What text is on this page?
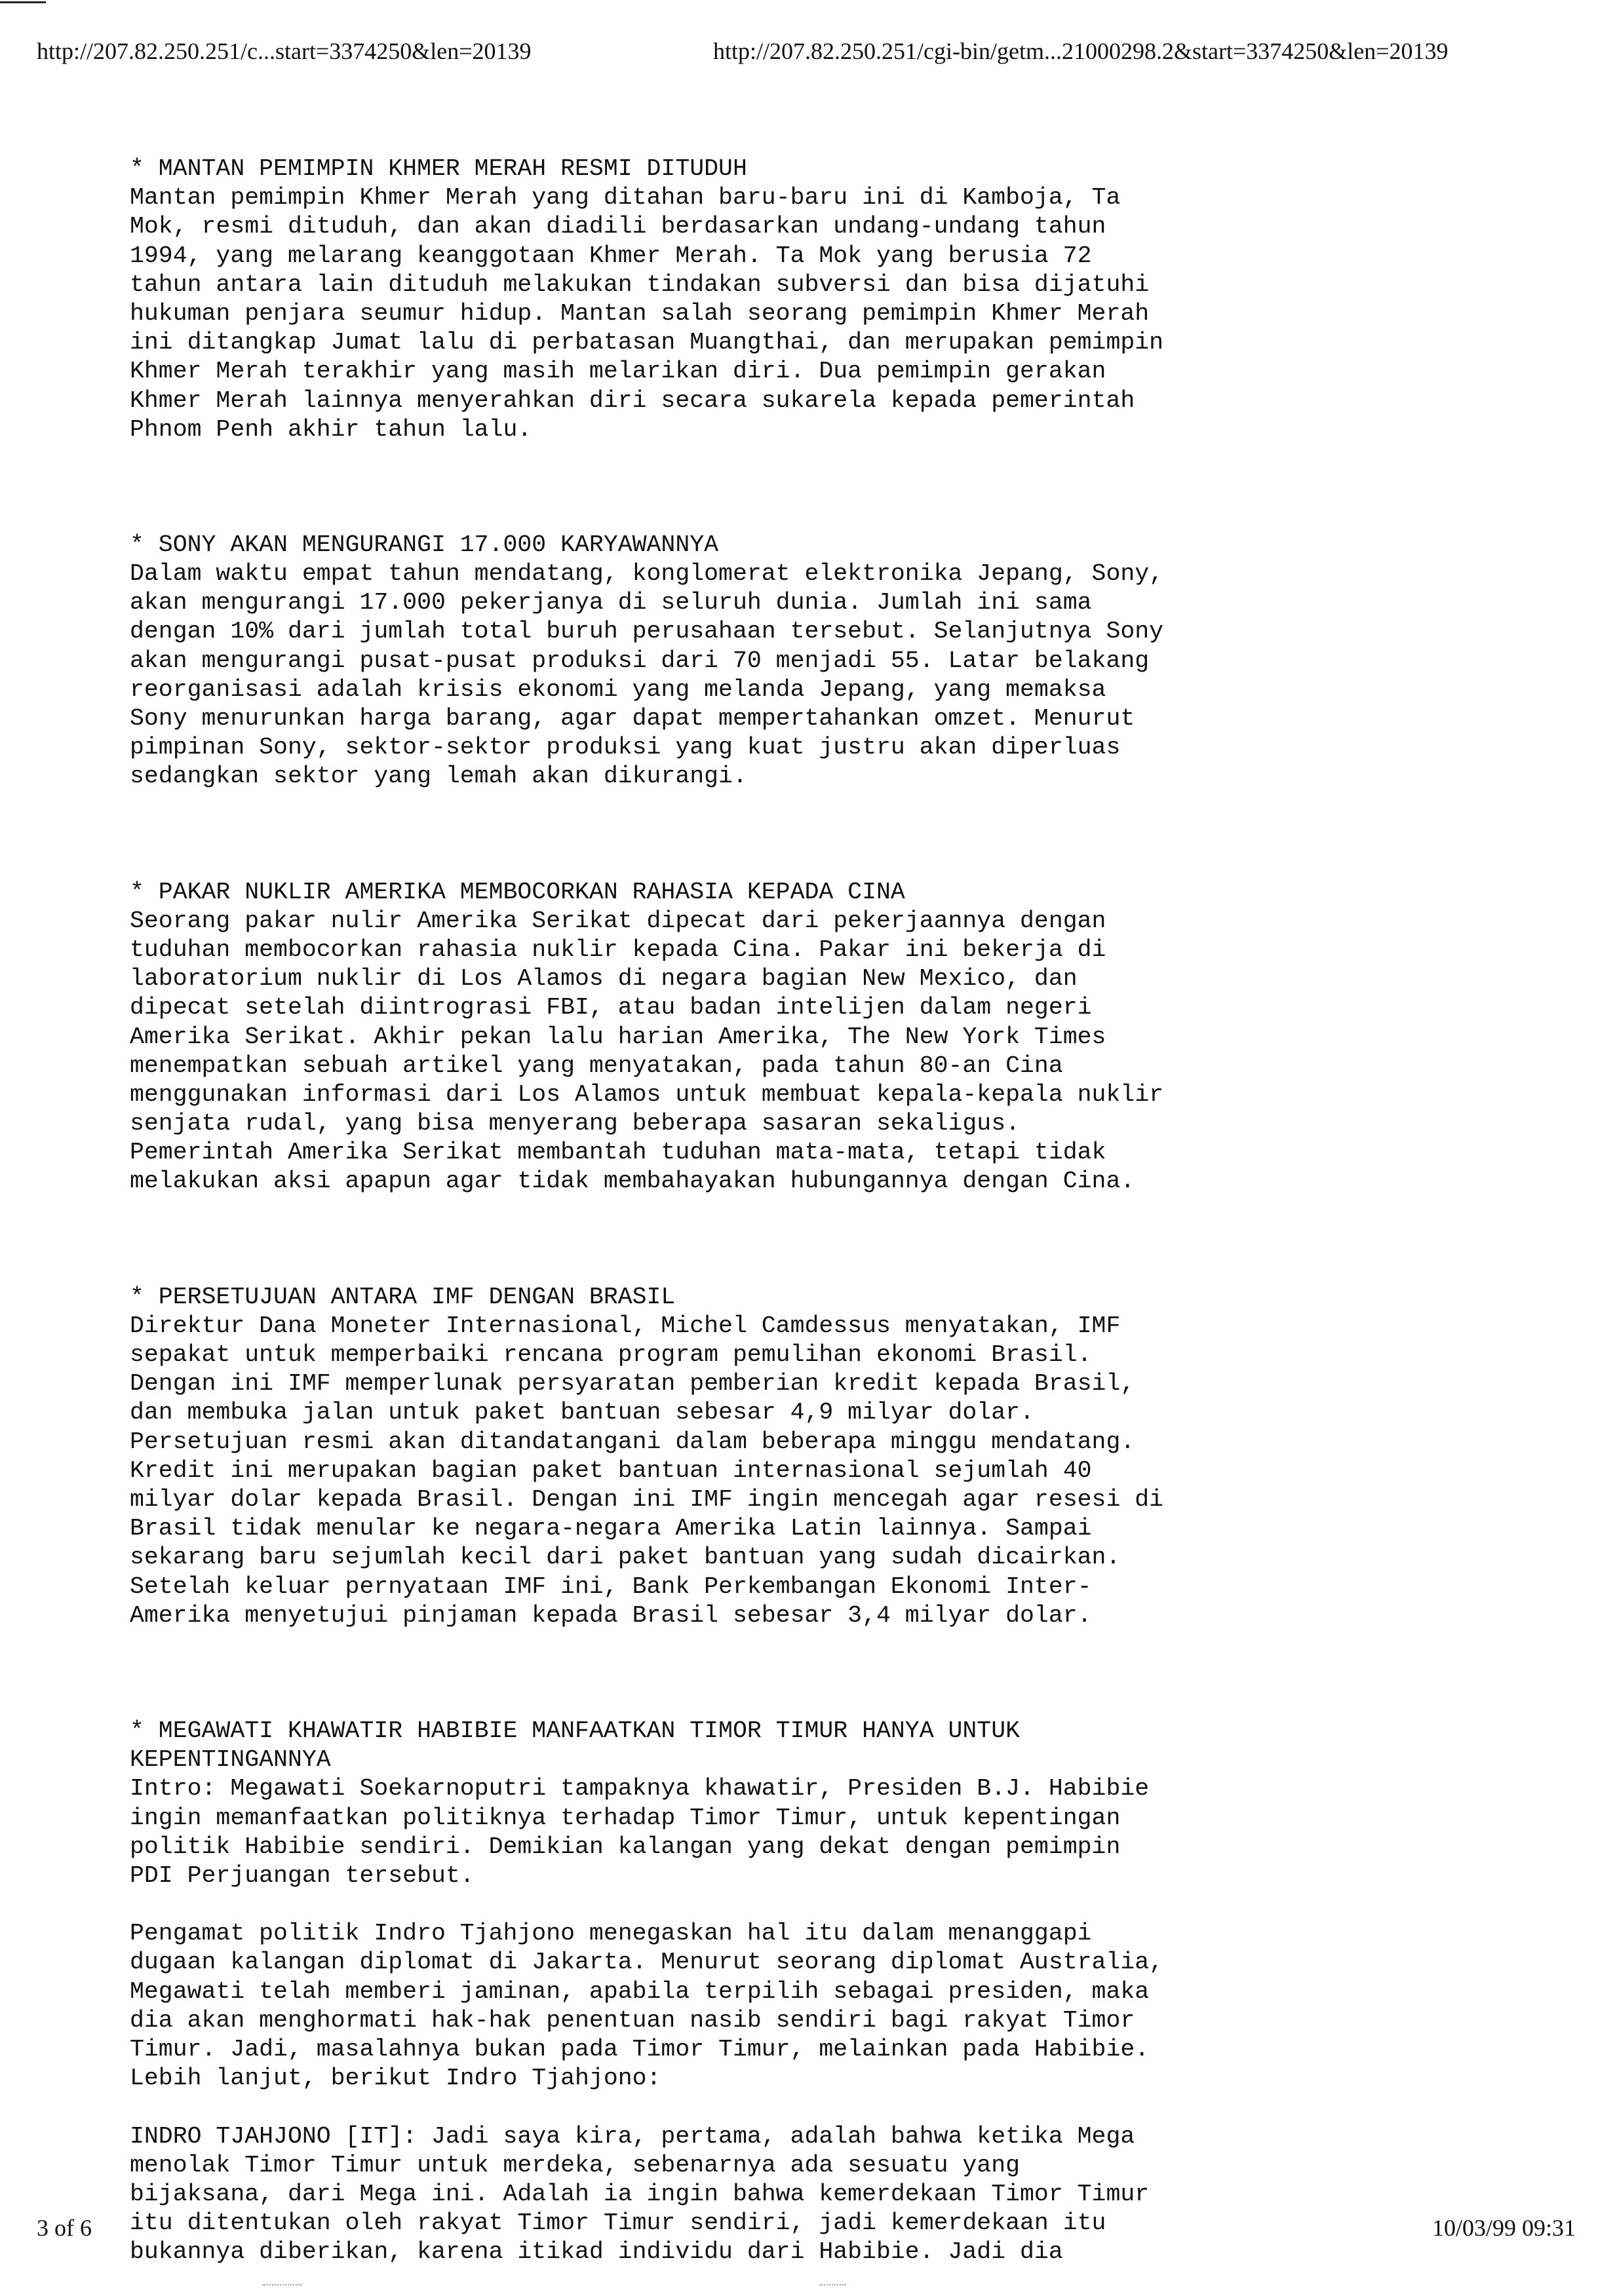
http://207.82.250.251/c...start=3374250&len=20139	http://207.82.250.251/cgi-bin/getm...21000298.2&start=3374250&len=20139
* MANTAN PEMIMPIN KHMER MERAH RESMI DITUDUH
Mantan pemimpin Khmer Merah yang ditahan baru-baru ini di Kamboja, Ta
Mok, resmi dituduh, dan akan diadili berdasarkan undang-undang tahun
1994, yang melarang keanggotaan Khmer Merah. Ta Mok yang berusia 72
tahun antara lain dituduh melakukan tindakan subversi dan bisa dijatuhi
hukuman penjara seumur hidup. Mantan salah seorang pemimpin Khmer Merah
ini ditangkap Jumat lalu di perbatasan Muangthai, dan merupakan pemimpin
Khmer Merah terakhir yang masih melarikan diri. Dua pemimpin gerakan
Khmer Merah lainnya menyerahkan diri secara sukarela kepada pemerintah
Phnom Penh akhir tahun lalu.
* SONY AKAN MENGURANGI 17.000 KARYAWANNYA
Dalam waktu empat tahun mendatang, konglomerat elektronika Jepang, Sony,
akan mengurangi 17.000 pekerjanya di seluruh dunia. Jumlah ini sama
dengan 10% dari jumlah total buruh perusahaan tersebut. Selanjutnya Sony
akan mengurangi pusat-pusat produksi dari 70 menjadi 55. Latar belakang
reorganisasi adalah krisis ekonomi yang melanda Jepang, yang memaksa
Sony menurunkan harga barang, agar dapat mempertahankan omzet. Menurut
pimpinan Sony, sektor-sektor produksi yang kuat justru akan diperluas
sedangkan sektor yang lemah akan dikurangi.
* PAKAR NUKLIR AMERIKA MEMBOCORKAN RAHASIA KEPADA CINA
Seorang pakar nulir Amerika Serikat dipecat dari pekerjaannya dengan
tuduhan membocorkan rahasia nuklir kepada Cina. Pakar ini bekerja di
laboratorium nuklir di Los Alamos di negara bagian New Mexico, dan
dipecat setelah diintrograsi FBI, atau badan intelijen dalam negeri
Amerika Serikat. Akhir pekan lalu harian Amerika, The New York Times
menempatkan sebuah artikel yang menyatakan, pada tahun 80-an Cina
menggunakan informasi dari Los Alamos untuk membuat kepala-kepala nuklir
senjata rudal, yang bisa menyerang beberapa sasaran sekaligus.
Pemerintah Amerika Serikat membantah tuduhan mata-mata, tetapi tidak
melakukan aksi apapun agar tidak membahayakan hubungannya dengan Cina.
* PERSETUJUAN ANTARA IMF DENGAN BRASIL
Direktur Dana Moneter Internasional, Michel Camdessus menyatakan, IMF
sepakat untuk memperbaiki rencana program pemulihan ekonomi Brasil.
Dengan ini IMF memperlunak persyaratan pemberian kredit kepada Brasil,
dan membuka jalan untuk paket bantuan sebesar 4,9 milyar dolar.
Persetujuan resmi akan ditandatangani dalam beberapa minggu mendatang.
Kredit ini merupakan bagian paket bantuan internasional sejumlah 40
milyar dolar kepada Brasil. Dengan ini IMF ingin mencegah agar resesi di
Brasil tidak menular ke negara-negara Amerika Latin lainnya. Sampai
sekarang baru sejumlah kecil dari paket bantuan yang sudah dicairkan.
Setelah keluar pernyataan IMF ini, Bank Perkembangan Ekonomi Inter-
Amerika menyetujui pinjaman kepada Brasil sebesar 3,4 milyar dolar.
* MEGAWATI KHAWATIR HABIBIE MANFAATKAN TIMOR TIMUR HANYA UNTUK
KEPENTINGANNYA
Intro: Megawati Soekarnoputri tampaknya khawatir, Presiden B.J. Habibie
ingin memanfaatkan politiknya terhadap Timor Timur, untuk kepentingan
politik Habibie sendiri. Demikian kalangan yang dekat dengan pemimpin
PDI Perjuangan tersebut.
Pengamat politik Indro Tjahjono menegaskan hal itu dalam menanggapi
dugaan kalangan diplomat di Jakarta. Menurut seorang diplomat Australia,
Megawati telah memberi jaminan, apabila terpilih sebagai presiden, maka
dia akan menghormati hak-hak penentuan nasib sendiri bagi rakyat Timor
Timur. Jadi, masalahnya bukan pada Timor Timur, melainkan pada Habibie.
Lebih lanjut, berikut Indro Tjahjono:
INDRO TJAHJONO [IT]: Jadi saya kira, pertama, adalah bahwa ketika Mega
menolak Timor Timur untuk merdeka, sebenarnya ada sesuatu yang
bijaksana, dari Mega ini. Adalah ia ingin bahwa kemerdekaan Timor Timur
itu ditentukan oleh rakyat Timor Timur sendiri, jadi kemerdekaan itu
bukannya diberikan, karena itikad individu dari Habibie. Jadi dia
3 of 6	10/03/99 09:31
